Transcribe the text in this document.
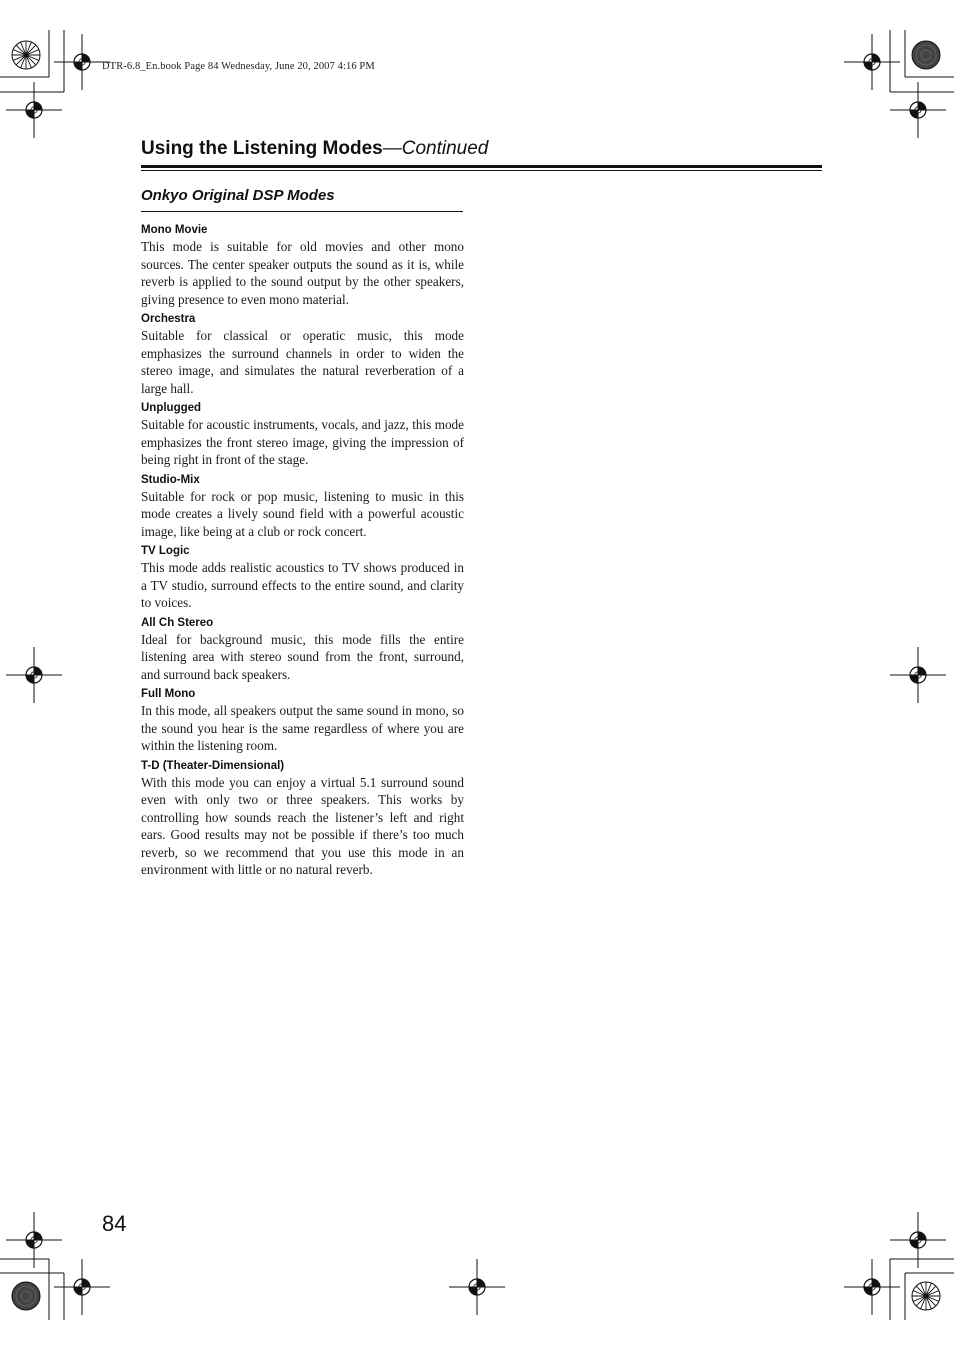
DTR-6.8_En.book Page 84 Wednesday, June 20, 2007 4:16 PM
Using the Listening Modes—Continued
Onkyo Original DSP Modes
Mono Movie
This mode is suitable for old movies and other mono sources. The center speaker outputs the sound as it is, while reverb is applied to the sound output by the other speakers, giving presence to even mono material.
Orchestra
Suitable for classical or operatic music, this mode emphasizes the surround channels in order to widen the stereo image, and simulates the natural reverberation of a large hall.
Unplugged
Suitable for acoustic instruments, vocals, and jazz, this mode emphasizes the front stereo image, giving the impression of being right in front of the stage.
Studio-Mix
Suitable for rock or pop music, listening to music in this mode creates a lively sound field with a powerful acoustic image, like being at a club or rock concert.
TV Logic
This mode adds realistic acoustics to TV shows produced in a TV studio, surround effects to the entire sound, and clarity to voices.
All Ch Stereo
Ideal for background music, this mode fills the entire listening area with stereo sound from the front, surround, and surround back speakers.
Full Mono
In this mode, all speakers output the same sound in mono, so the sound you hear is the same regardless of where you are within the listening room.
T-D (Theater-Dimensional)
With this mode you can enjoy a virtual 5.1 surround sound even with only two or three speakers. This works by controlling how sounds reach the listener’s left and right ears. Good results may not be possible if there’s too much reverb, so we recommend that you use this mode in an environment with little or no natural reverb.
84
